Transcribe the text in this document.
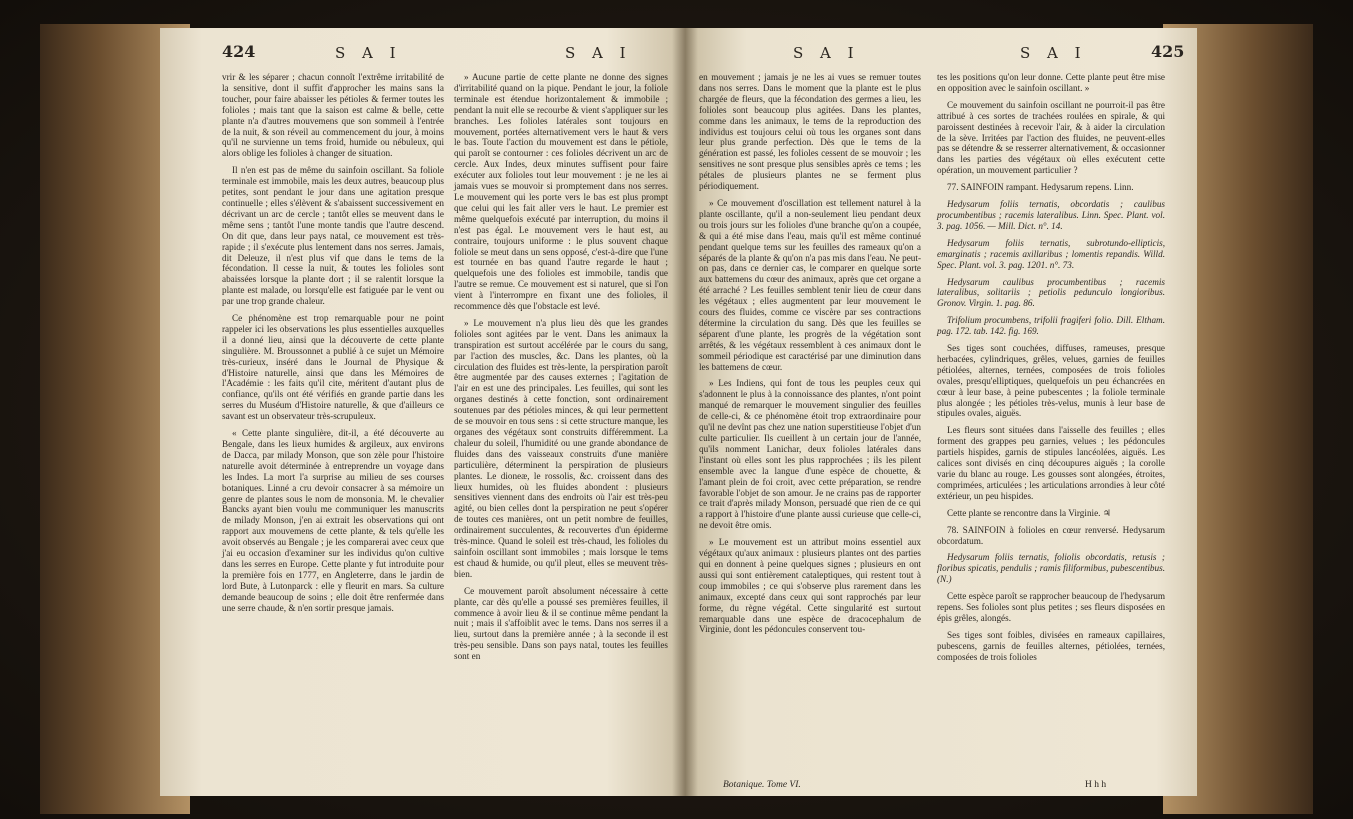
424	S A I	S A I

vrir & les séparer ; chacun connoît l'extrême irritabilité de la sensitive, dont il suffit d'approcher les mains sans la toucher, pour faire abaisser les pétioles & fermer toutes les folioles ; mais tant que la saison est calme & belle, cette plante n'a d'autres mouvemens que son sommeil à l'entrée de la nuit, & son réveil au commencement du jour, à moins qu'il ne survienne un tems froid, humide ou nébuleux, qui alors oblige les folioles à changer de situation.

Il n'en est pas de même du sainfoin oscillant. Sa foliole terminale est immobile, mais les deux autres, beaucoup plus petites, sont pendant le jour dans une agitation presque continuelle ; elles s'élèvent & s'abaissent successivement en décrivant un arc de cercle ; tantôt elles se meuvent dans le même sens ; tantôt l'une monte tandis que l'autre descend. On dit que, dans leur pays natal, ce mouvement est très-rapide ; il s'exécute plus lentement dans nos serres. Jamais, dit Deleuze, il n'est plus vif que dans le tems de la fécondation. Il cesse la nuit, & toutes les folioles sont abaissées lorsque la plante dort ; il se ralentit lorsque la plante est malade, ou lorsqu'elle est fatiguée par le vent ou par une trop grande chaleur.

Ce phénomène est trop remarquable pour ne point rappeler ici les observations les plus essentielles auxquelles il a donné lieu, ainsi que la découverte de cette plante singulière. M. Broussonnet a publié à ce sujet un Mémoire très-curieux, inséré dans le Journal de Physique & d'Histoire naturelle, ainsi que dans les Mémoires de l'Académie : les faits qu'il cite, méritent d'autant plus de confiance, qu'ils ont été vérifiés en grande partie dans les serres du Muséum d'Histoire naturelle, & que d'ailleurs ce savant est un observateur très-scrupuleux.

« Cette plante singulière, dit-il, a été découverte au Bengale, dans les lieux humides & argileux, aux environs de Dacca, par milady Monson, que son zèle pour l'histoire naturelle avoit déterminée à entreprendre un voyage dans les Indes. La mort l'a surprise au milieu de ses courses botaniques. Linné a cru devoir consacrer à sa mémoire un genre de plantes sous le nom de monsonia. M. le chevalier Bancks ayant bien voulu me communiquer les manuscrits de milady Monson, j'en ai extrait les observations qui ont rapport aux mouvemens de cette plante, & tels qu'elle les avoit observés au Bengale ; je les comparerai avec ceux que j'ai eu occasion d'examiner sur les individus qu'on cultive dans les serres en Europe. Cette plante y fut introduite pour la première fois en 1777, en Angleterre, dans le jardin de lord Bute, à Lutonparck : elle y fleurit en mars. Sa culture demande beaucoup de soins ; elle doit être renfermée dans une serre chaude, & n'en sortir presque jamais.

» Aucune partie de cette plante ne donne des signes d'irritabilité quand on la pique. Pendant le jour, la foliole terminale est étendue horizontalement & immobile ; pendant la nuit elle se recourbe & vient s'appliquer sur les branches. Les folioles latérales sont toujours en mouvement, portées alternativement vers le haut & vers le bas. Toute l'action du mouvement est dans le pétiole, qui paroît se contourner : ces folioles décrivent un arc de cercle. Aux Indes, deux minutes suffisent pour faire exécuter aux folioles tout leur mouvement : je ne les ai jamais vues se mouvoir si promptement dans nos serres. Le mouvement qui les porte vers le bas est plus prompt que celui qui les fait aller vers le haut. Le premier est même quelquefois exécuté par interruption, du moins il n'est pas égal. Le mouvement vers le haut est, au contraire, toujours uniforme : le plus souvent chaque foliole se meut dans un sens opposé, c'est-à-dire que l'une est tournée en bas quand l'autre regarde le haut ; quelquefois une des folioles est immobile, tandis que l'autre se remue. Ce mouvement est si naturel, que si l'on vient à l'interrompre en fixant une des folioles, il recommence dès que l'obstacle est levé.

» Le mouvement n'a plus lieu dès que les grandes folioles sont agitées par le vent. Dans les animaux la transpiration est surtout accélérée par le cours du sang, par l'action des muscles, &c. Dans les plantes, où la circulation des fluides est très-lente, la perspiration paroît être augmentée par des causes externes ; l'agitation de l'air en est une des principales. Les feuilles, qui sont les organes destinés à cette fonction, sont ordinairement soutenues par des pétioles minces, & qui leur permettent de se mouvoir en tous sens : si cette structure manque, les organes des végétaux sont construits différemment. La chaleur du soleil, l'humidité ou une grande abondance de fluides dans des vaisseaux construits d'une manière particulière, déterminent la perspiration de plusieurs plantes. Le dioneæ, le rossolis, &c. croissent dans des lieux humides, où les fluides abondent : plusieurs sensitives viennent dans des endroits où l'air est très-peu agité, ou bien celles dont la perspiration ne peut s'opérer de toutes ces manières, ont un petit nombre de feuilles, ordinairement succulentes, & recouvertes d'un épiderme très-mince. Quand le soleil est très-chaud, les folioles du sainfoin oscillant sont immobiles ; mais lorsque le tems est chaud & humide, ou qu'il pleut, elles se meuvent très-bien.

Ce mouvement paroît absolument nécessaire à cette plante, car dès qu'elle a poussé ses premières feuilles, il commence à avoir lieu & il se continue même pendant la nuit ; mais il s'affoiblit avec le tems. Dans nos serres il a lieu, surtout dans la première année ; à la seconde il est très-peu sensible. Dans son pays natal, toutes les feuilles sont en

S A I	S A I	425

en mouvement ; jamais je ne les ai vues se remuer toutes dans nos serres. Dans le moment que la plante est le plus chargée de fleurs, que la fécondation des germes a lieu, les folioles sont beaucoup plus agitées. Dans les plantes, comme dans les animaux, le tems de la reproduction des individus est toujours celui où tous les organes sont dans leur plus grande perfection. Dès que le tems de la génération est passé, les folioles cessent de se mouvoir ; les sensitives ne sont presque plus sensibles après ce tems ; les pétales de plusieurs plantes ne se ferment plus périodiquement.

» Ce mouvement d'oscillation est tellement naturel à la plante oscillante, qu'il a non-seulement lieu pendant deux ou trois jours sur les folioles d'une branche qu'on a coupée, & qui a été mise dans l'eau, mais qu'il est même continué pendant quelque tems sur les feuilles des rameaux qu'on a séparés de la plante & qu'on n'a pas mis dans l'eau. Ne peut-on pas, dans ce dernier cas, le comparer en quelque sorte aux battemens du cœur des animaux, après que cet organe a été arraché ? Les feuilles semblent tenir lieu de cœur dans les végétaux ; elles augmentent par leur mouvement le cours des fluides, comme ce viscère par ses contractions détermine la circulation du sang. Dès que les feuilles se séparent d'une plante, les progrès de la végétation sont arrêtés, & les végétaux ressemblent à ces animaux dont le sommeil périodique est caractérisé par une diminution dans les battemens de cœur.

» Les Indiens, qui font de tous les peuples ceux qui s'adonnent le plus à la connoissance des plantes, n'ont point manqué de remarquer le mouvement singulier des feuilles de celle-ci, & ce phénomène étoit trop extraordinaire pour qu'il ne devînt pas chez une nation superstitieuse l'objet d'un culte particulier. Ils cueillent à un certain jour de l'année, qu'ils nomment Lanichar, deux folioles latérales dans l'instant où elles sont les plus rapprochées ; ils les pilent ensemble avec la langue d'une espèce de chouette, & l'amant plein de foi croit, avec cette préparation, se rendre favorable l'objet de son amour. Je ne crains pas de rapporter ce trait d'après milady Monson, persuadé que rien de ce qui a rapport à l'histoire d'une plante aussi curieuse que celle-ci, ne devoit être omis.

» Le mouvement est un attribut moins essentiel aux végétaux qu'aux animaux : plusieurs plantes ont des parties qui en donnent à peine quelques signes ; plusieurs en ont aussi qui sont entièrement cataleptiques, qui restent tout à coup immobiles ; ce qui s'observe plus rarement dans les animaux, excepté dans ceux qui sont rapprochés par leur forme, du règne végétal. Cette singularité est surtout remarquable dans une espèce de dracocephalum de Virginie, dont les pédoncules conservent tou-

tes les positions qu'on leur donne. Cette plante peut être mise en opposition avec le sainfoin oscillant. »

Ce mouvement du sainfoin oscillant ne pourroit-il pas être attribué à ces sortes de trachées roulées en spirale, & qui paroissent destinées à recevoir l'air, & à aider la circulation de la sève. Irritées par l'action des fluides, ne peuvent-elles pas se détendre & se resserrer alternativement, & occasionner dans les parties des végétaux où elles exécutent cette opération, un mouvement particulier ?

77. SAINFOIN rampant. Hedysarum repens. Linn.

Hedysarum foliis ternatis, obcordatis ; caulibus procumbentibus ; racemis lateralibus. Linn. Spec. Plant. vol. 3. pag. 1056. — Mill. Dict. n°. 14.

Hedysarum foliis ternatis, subrotundo-ellipticis, emarginatis ; racemis axillaribus ; lomentis repandis. Willd. Spec. Plant. vol. 3. pag. 1201. n°. 73.

Hedysarum caulibus procumbentibus ; racemis lateralibus, solitariis ; petiolis pedunculo longioribus. Gronov. Virgin. 1. pag. 86.

Trifolium procumbens, trifolii fragiferi folio. Dill. Eltham. pag. 172. tab. 142. fig. 169.

Ses tiges sont couchées, diffuses, rameuses, presque herbacées, cylindriques, grêles, velues, garnies de feuilles pétiolées, alternes, ternées, composées de trois folioles ovales, presqu'elliptiques, quelquefois un peu échancrées en cœur à leur base, à peine pubescentes ; la foliole terminale plus alongée ; les pétioles très-velus, munis à leur base de stipules ovales, aiguës.

Les fleurs sont situées dans l'aisselle des feuilles ; elles forment des grappes peu garnies, velues ; les pédoncules partiels hispides, garnis de stipules lancéolées, aiguës. Les calices sont divisés en cinq découpures aiguës ; la corolle varie du blanc au rouge. Les gousses sont alongées, étroites, comprimées, articulées ; les articulations arrondies à leur côté extérieur, un peu hispides.

Cette plante se rencontre dans la Virginie. ♃

78. SAINFOIN à folioles en cœur renversé. Hedysarum obcordatum.

Hedysarum foliis ternatis, foliolis obcordatis, retusis ; floribus spicatis, pendulis ; ramis filiformibus, pubescentibus. (N.)

Cette espèce paroît se rapprocher beaucoup de l'hedysarum repens. Ses folioles sont plus petites ; ses fleurs disposées en épis grêles, alongés.

Ses tiges sont foibles, divisées en rameaux capillaires, pubescens, garnis de feuilles alternes, pétiolées, ternées, composées de trois folioles

Botanique. Tome VI.	H h h
